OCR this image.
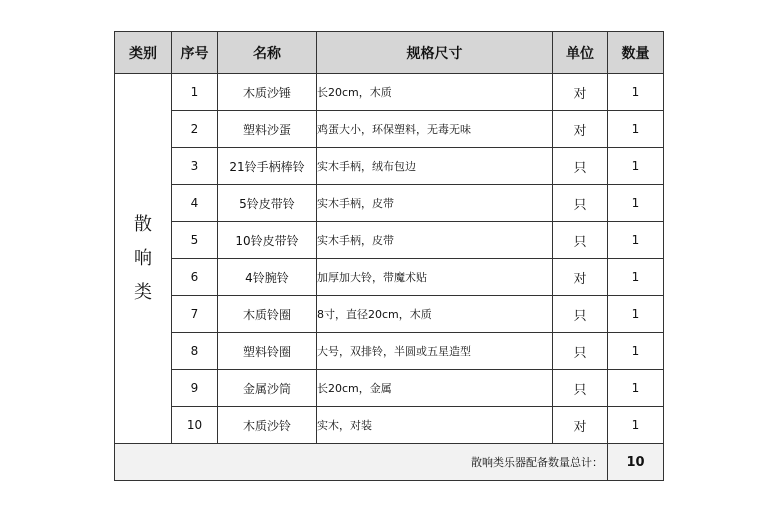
类别	序号	名称	规格尺寸	单位	数量

散
响
类	1	木质沙锤	长20cm，木质	对	1
	2	塑料沙蛋	鸡蛋大小，环保塑料，无毒无味	对	1
	3	21铃手柄棒铃	实木手柄，绒布包边	只	1
	4	5铃皮带铃	实木手柄，皮带	只	1
	5	10铃皮带铃	实木手柄，皮带	只	1
	6	4铃腕铃	加厚加大铃，带魔术贴	对	1
	7	木质铃圈	8寸，直径20cm，木质	只	1
	8	塑料铃圈	大号，双排铃，半圆或五星造型	只	1
	9	金属沙筒	长20cm，金属	只	1
	10	木质沙铃	实木，对装	对	1
散响类乐器配备数量总计：					10
